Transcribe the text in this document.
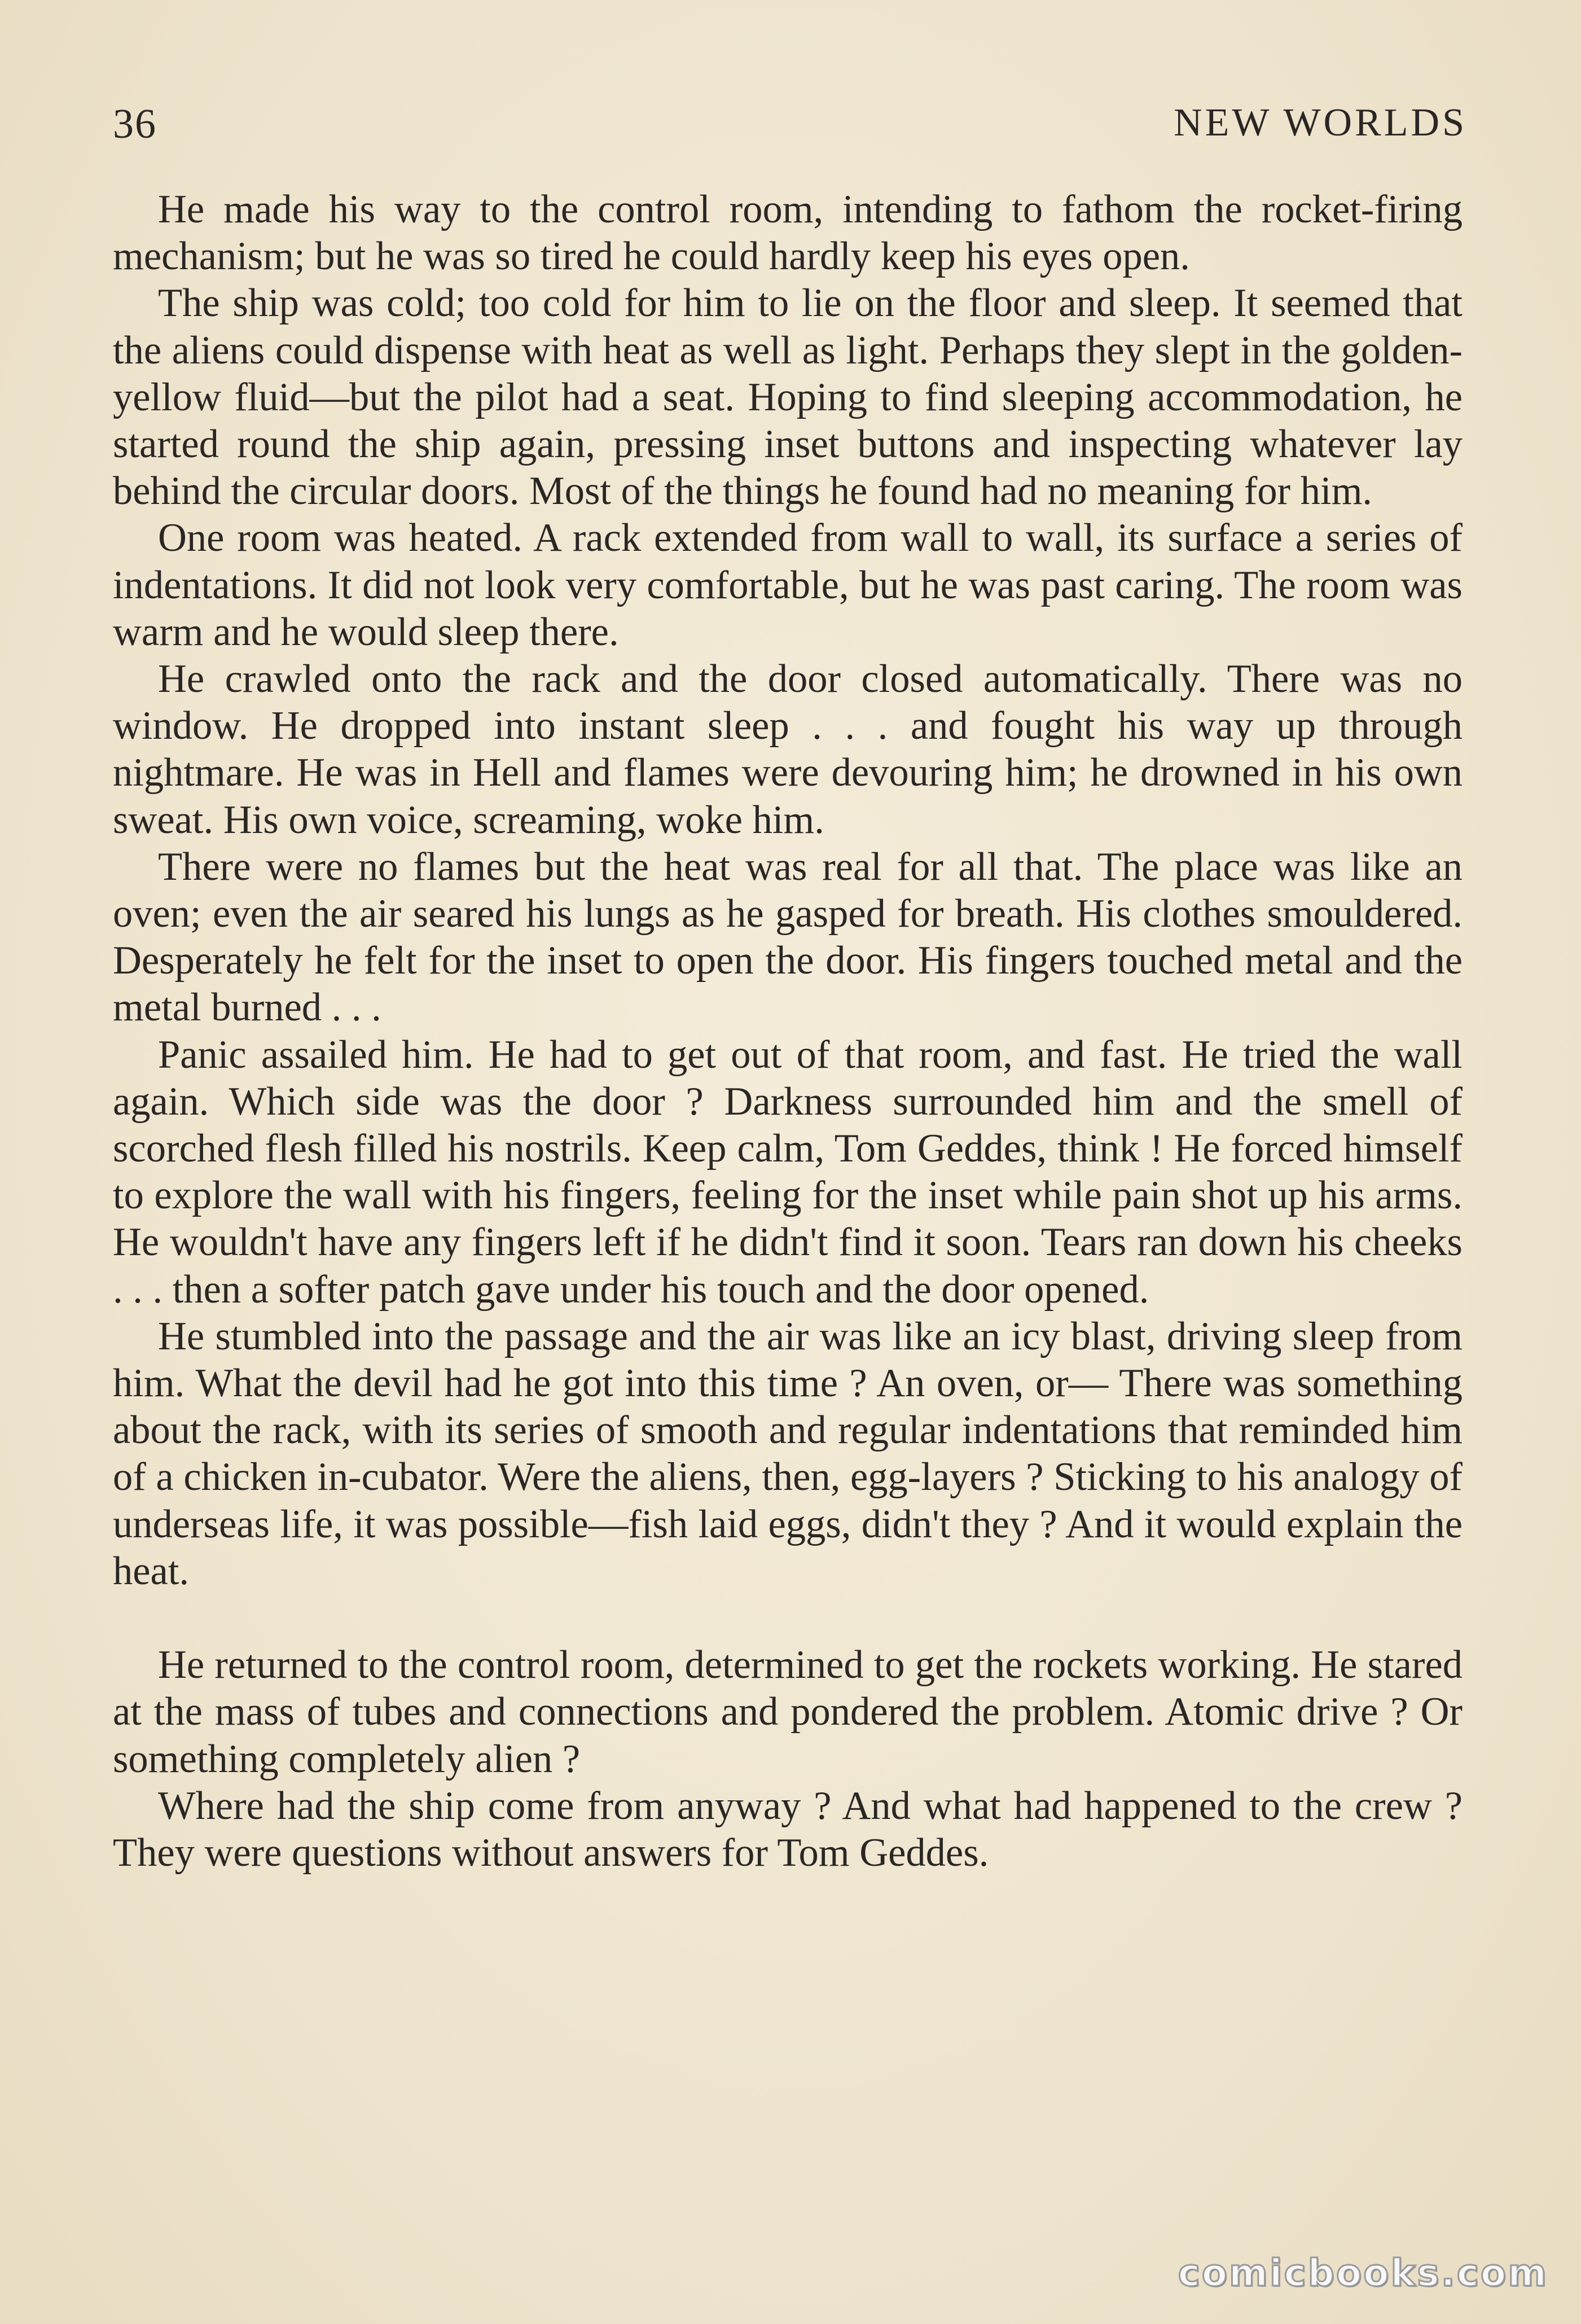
36	NEW WORLDS

He made his way to the control room, intending to fathom the rocket-firing mechanism; but he was so tired he could hardly keep his eyes open.

The ship was cold; too cold for him to lie on the floor and sleep. It seemed that the aliens could dispense with heat as well as light. Perhaps they slept in the golden-yellow fluid—but the pilot had a seat. Hoping to find sleeping accommodation, he started round the ship again, pressing inset buttons and inspecting whatever lay behind the circular doors. Most of the things he found had no meaning for him.

One room was heated. A rack extended from wall to wall, its surface a series of indentations. It did not look very comfortable, but he was past caring. The room was warm and he would sleep there.

He crawled onto the rack and the door closed automatically. There was no window. He dropped into instant sleep . . . and fought his way up through nightmare. He was in Hell and flames were devouring him; he drowned in his own sweat. His own voice, screaming, woke him.

There were no flames but the heat was real for all that. The place was like an oven; even the air seared his lungs as he gasped for breath. His clothes smouldered. Desperately he felt for the inset to open the door. His fingers touched metal and the metal burned . . .

Panic assailed him. He had to get out of that room, and fast. He tried the wall again. Which side was the door ? Darkness surrounded him and the smell of scorched flesh filled his nostrils. Keep calm, Tom Geddes, think ! He forced himself to explore the wall with his fingers, feeling for the inset while pain shot up his arms. He wouldn't have any fingers left if he didn't find it soon. Tears ran down his cheeks . . . then a softer patch gave under his touch and the door opened.

He stumbled into the passage and the air was like an icy blast, driving sleep from him. What the devil had he got into this time ? An oven, or— There was something about the rack, with its series of smooth and regular indentations that reminded him of a chicken in-cubator. Were the aliens, then, egg-layers ? Sticking to his analogy of underseas life, it was possible—fish laid eggs, didn't they ? And it would explain the heat.

He returned to the control room, determined to get the rockets working. He stared at the mass of tubes and connections and pondered the problem. Atomic drive ? Or something completely alien ?

Where had the ship come from anyway ? And what had happened to the crew ? They were questions without answers for Tom Geddes.

comicbooks.com
